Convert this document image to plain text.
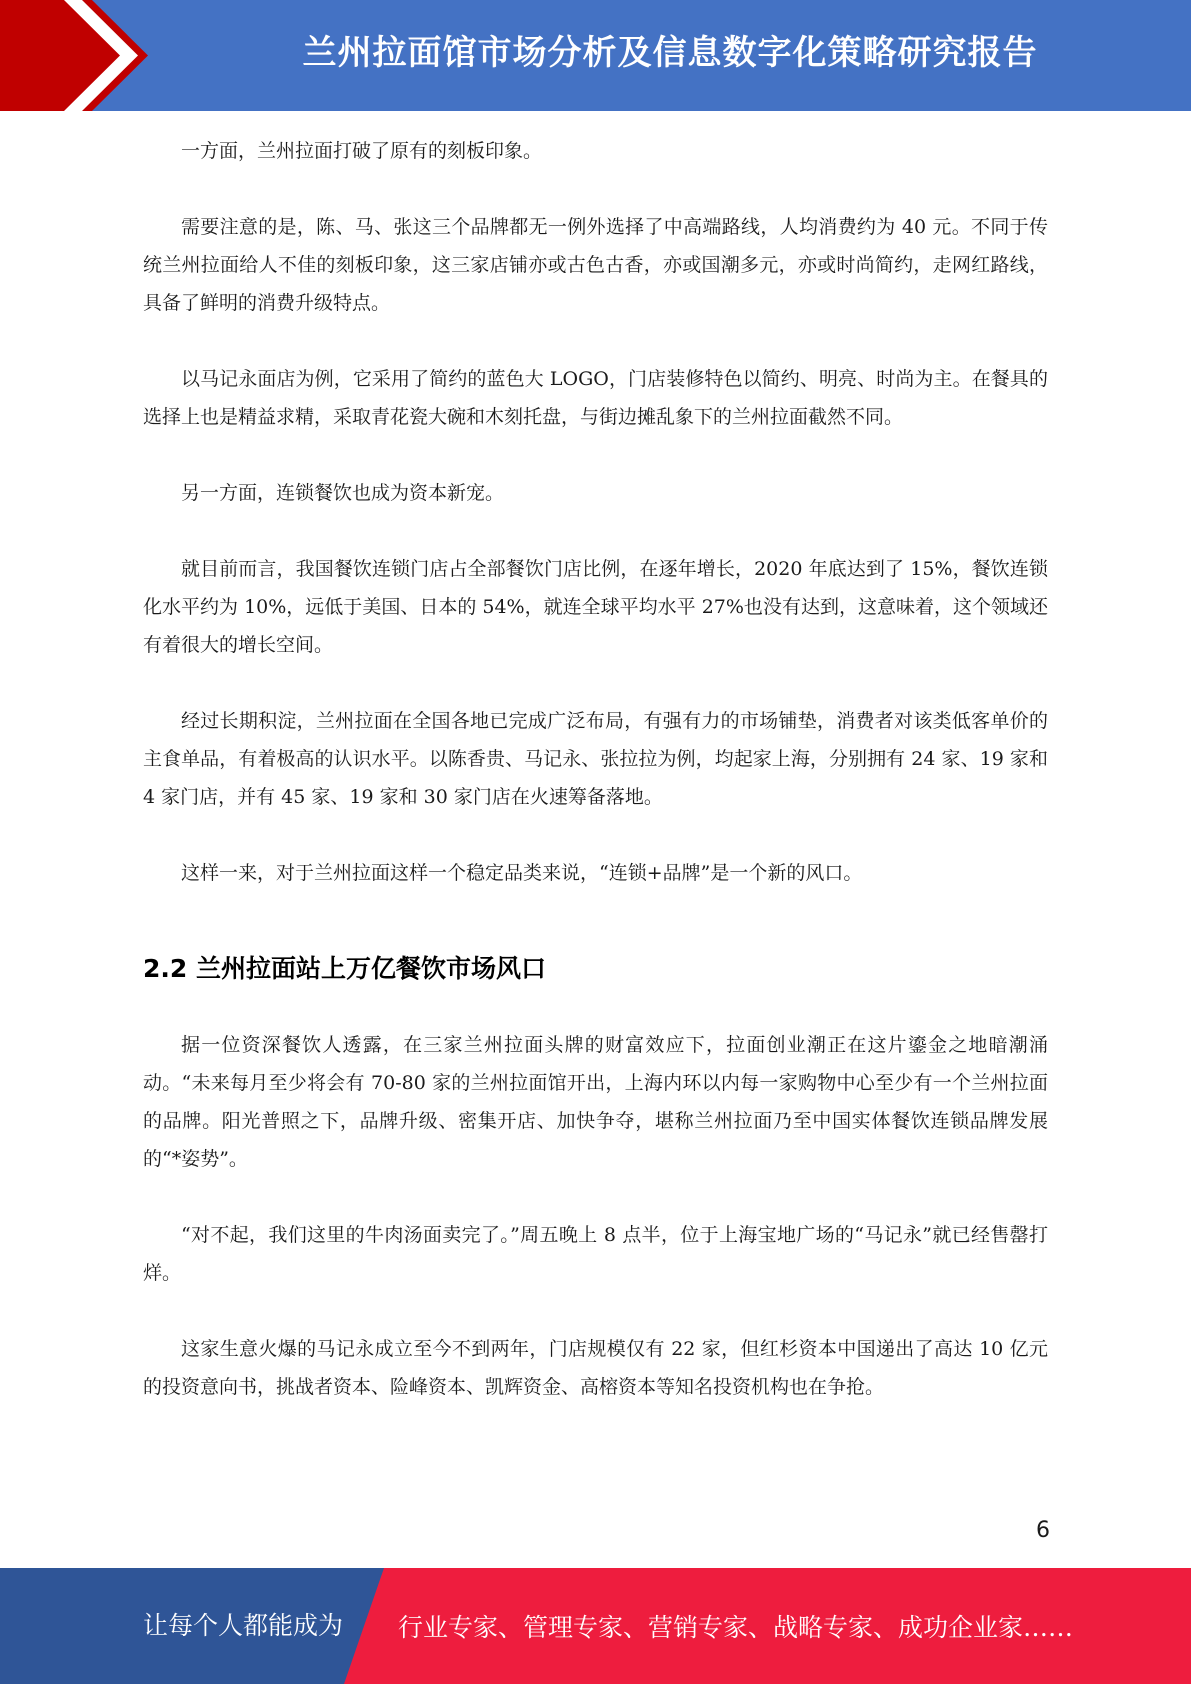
兰州拉面馆市场分析及信息数字化策略研究报告

一方面，兰州拉面打破了原有的刻板印象。

需要注意的是，陈、马、张这三个品牌都无一例外选择了中高端路线，人均消费约为 40 元。不同于传统兰州拉面给人不佳的刻板印象，这三家店铺亦或古色古香，亦或国潮多元，亦或时尚简约，走网红路线，具备了鲜明的消费升级特点。

以马记永面店为例，它采用了简约的蓝色大 LOGO，门店装修特色以简约、明亮、时尚为主。在餐具的选择上也是精益求精，采取青花瓷大碗和木刻托盘，与街边摊乱象下的兰州拉面截然不同。

另一方面，连锁餐饮也成为资本新宠。

就目前而言，我国餐饮连锁门店占全部餐饮门店比例，在逐年增长，2020 年底达到了 15%，餐饮连锁化水平约为 10%，远低于美国、日本的 54%，就连全球平均水平 27%也没有达到，这意味着，这个领域还有着很大的增长空间。

经过长期积淀，兰州拉面在全国各地已完成广泛布局，有强有力的市场铺垫，消费者对该类低客单价的主食单品，有着极高的认识水平。以陈香贵、马记永、张拉拉为例，均起家上海，分别拥有 24 家、19 家和 4 家门店，并有 45 家、19 家和 30 家门店在火速筹备落地。

这样一来，对于兰州拉面这样一个稳定品类来说，“连锁+品牌”是一个新的风口。

2.2 兰州拉面站上万亿餐饮市场风口

据一位资深餐饮人透露，在三家兰州拉面头牌的财富效应下，拉面创业潮正在这片鎏金之地暗潮涌动。“未来每月至少将会有 70-80 家的兰州拉面馆开出，上海内环以内每一家购物中心至少有一个兰州拉面的品牌。阳光普照之下，品牌升级、密集开店、加快争夺，堪称兰州拉面乃至中国实体餐饮连锁品牌发展的“*姿势”。

“对不起，我们这里的牛肉汤面卖完了。”周五晚上 8 点半，位于上海宝地广场的“马记永”就已经售罄打烊。

这家生意火爆的马记永成立至今不到两年，门店规模仅有 22 家，但红杉资本中国递出了高达 10 亿元的投资意向书，挑战者资本、险峰资本、凯辉资金、高榕资本等知名投资机构也在争抢。

6
让每个人都能成为 行业专家、管理专家、营销专家、战略专家、成功企业家……
